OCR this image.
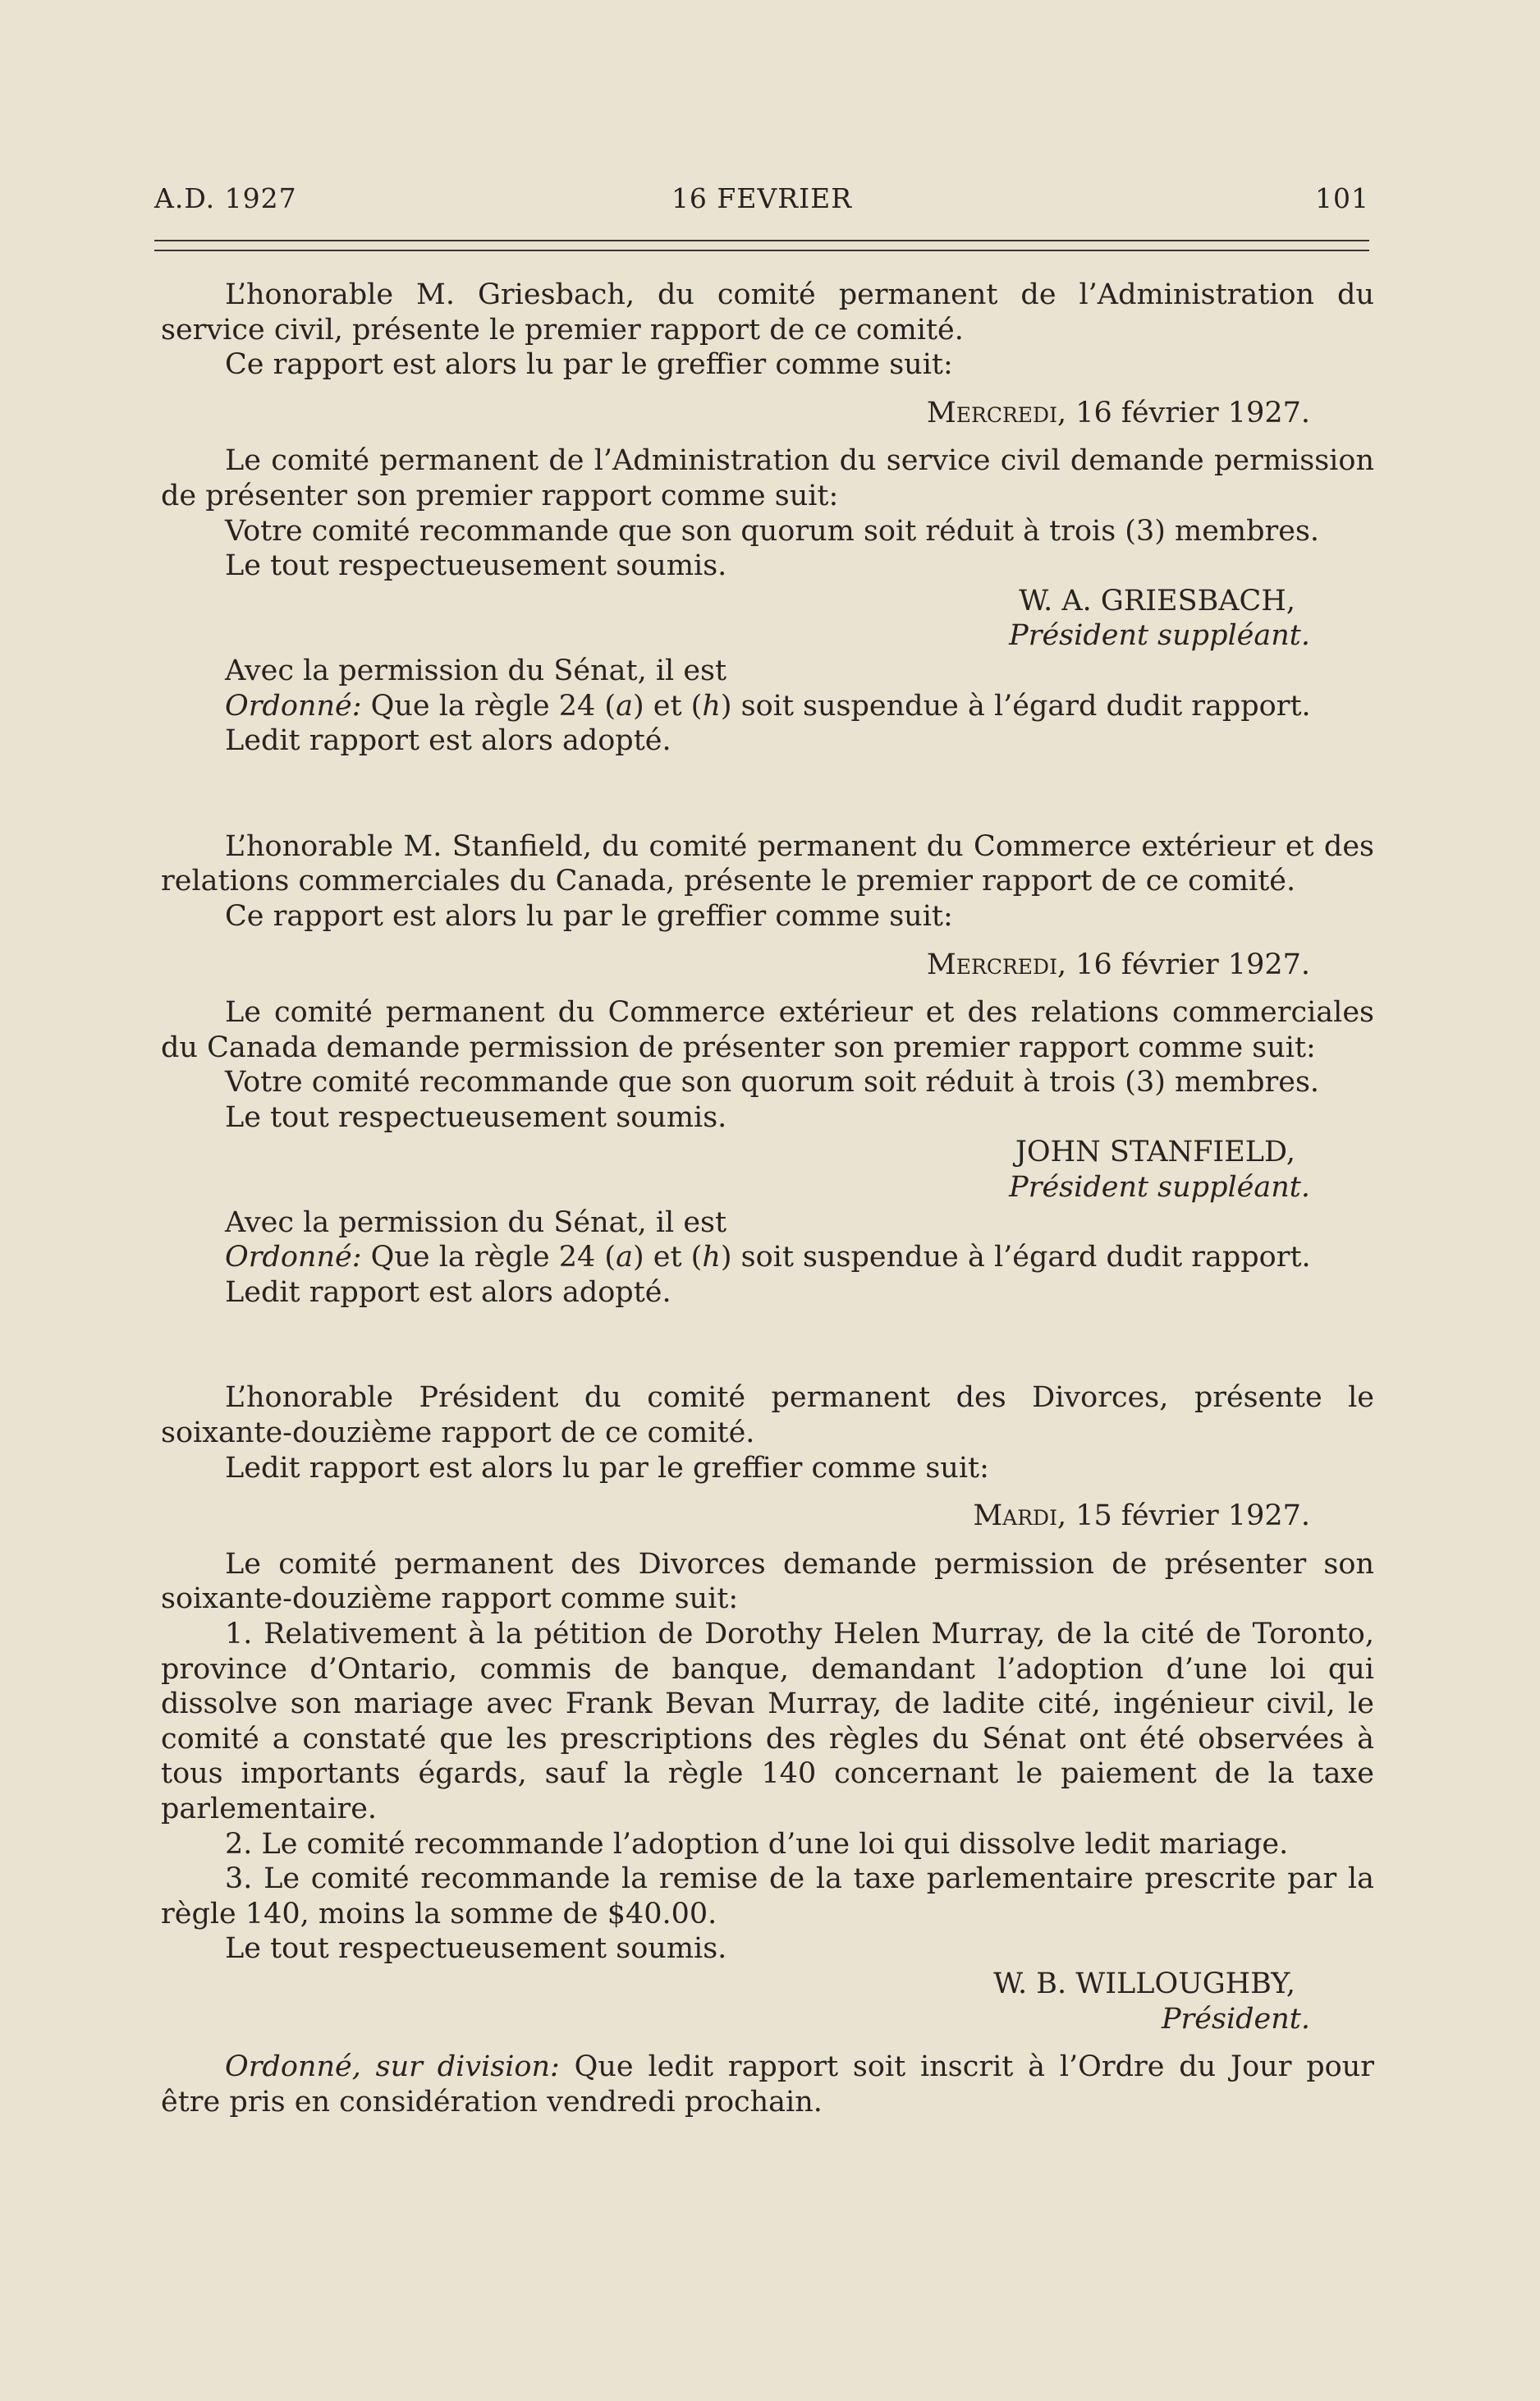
A.D. 1927	16 FEVRIER	101

L’honorable M. Griesbach, du comité permanent de l’Administration du service civil, présente le premier rapport de ce comité.

Ce rapport est alors lu par le greffier comme suit:

Mercredi, 16 février 1927.

Le comité permanent de l’Administration du service civil demande permission de présenter son premier rapport comme suit:

Votre comité recommande que son quorum soit réduit à trois (3) membres.

Le tout respectueusement soumis.

W. A. GRIESBACH,

Président suppléant.

Avec la permission du Sénat, il est

Ordonné: Que la règle 24 (a) et (h) soit suspendue à l’égard dudit rapport.

Ledit rapport est alors adopté.

L’honorable M. Stanfield, du comité permanent du Commerce extérieur et des relations commerciales du Canada, présente le premier rapport de ce comité.

Ce rapport est alors lu par le greffier comme suit:

Mercredi, 16 février 1927.

Le comité permanent du Commerce extérieur et des relations commerciales du Canada demande permission de présenter son premier rapport comme suit:

Votre comité recommande que son quorum soit réduit à trois (3) membres.

Le tout respectueusement soumis.

JOHN STANFIELD,

Président suppléant.

Avec la permission du Sénat, il est

Ordonné: Que la règle 24 (a) et (h) soit suspendue à l’égard dudit rapport.

Ledit rapport est alors adopté.

L’honorable Président du comité permanent des Divorces, présente le soixante-douzième rapport de ce comité.

Ledit rapport est alors lu par le greffier comme suit:

Mardi, 15 février 1927.

Le comité permanent des Divorces demande permission de présenter son soixante-douzième rapport comme suit:

1. Relativement à la pétition de Dorothy Helen Murray, de la cité de Toronto, province d’Ontario, commis de banque, demandant l’adoption d’une loi qui dissolve son mariage avec Frank Bevan Murray, de ladite cité, ingénieur civil, le comité a constaté que les prescriptions des règles du Sénat ont été observées à tous importants égards, sauf la règle 140 concernant le paiement de la taxe parlementaire.

2. Le comité recommande l’adoption d’une loi qui dissolve ledit mariage.

3. Le comité recommande la remise de la taxe parlementaire prescrite par la règle 140, moins la somme de $40.00.

Le tout respectueusement soumis.

W. B. WILLOUGHBY,

Président.

Ordonné, sur division: Que ledit rapport soit inscrit à l’Ordre du Jour pour être pris en considération vendredi prochain.
